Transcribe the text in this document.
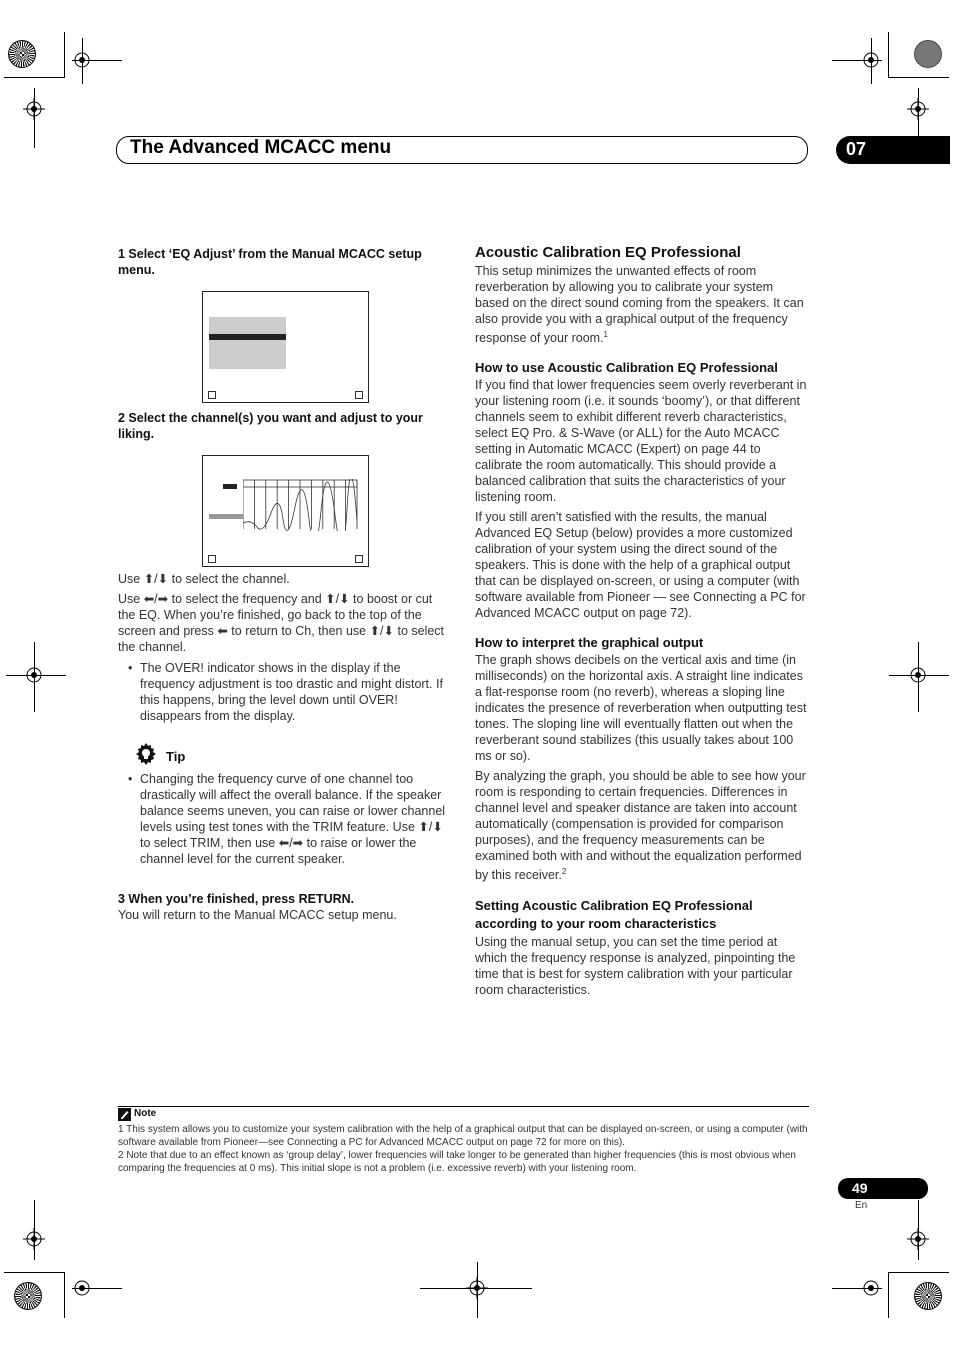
The Advanced MCACC menu	07

1 Select ‘EQ Adjust’ from the Manual MCACC setup menu.

2 Select the channel(s) you want and adjust to your liking.

Use ⬆/⬇ to select the channel.

Use ⬅/➡ to select the frequency and ⬆/⬇ to boost or cut the EQ. When you’re finished, go back to the top of the screen and press ⬅ to return to Ch, then use ⬆/⬇ to select the channel.

• The OVER! indicator shows in the display if the frequency adjustment is too drastic and might distort. If this happens, bring the level down until OVER! disappears from the display.

Tip
• Changing the frequency curve of one channel too drastically will affect the overall balance. If the speaker balance seems uneven, you can raise or lower channel levels using test tones with the TRIM feature. Use ⬆/⬇ to select TRIM, then use ⬅/➡ to raise or lower the channel level for the current speaker.

3 When you’re finished, press RETURN.

You will return to the Manual MCACC setup menu.

Acoustic Calibration EQ Professional

This setup minimizes the unwanted effects of room reverberation by allowing you to calibrate your system based on the direct sound coming from the speakers. It can also provide you with a graphical output of the frequency response of your room.$^1$

How to use Acoustic Calibration EQ Professional

If you find that lower frequencies seem overly reverberant in your listening room (i.e. it sounds ‘boomy’), or that different channels seem to exhibit different reverb characteristics, select EQ Pro. & S-Wave (or ALL) for the Auto MCACC setting in Automatic MCACC (Expert) on page 44 to calibrate the room automatically. This should provide a balanced calibration that suits the characteristics of your listening room.

If you still aren’t satisfied with the results, the manual Advanced EQ Setup (below) provides a more customized calibration of your system using the direct sound of the speakers. This is done with the help of a graphical output that can be displayed on-screen, or using a computer (with software available from Pioneer — see Connecting a PC for Advanced MCACC output on page 72).

How to interpret the graphical output

The graph shows decibels on the vertical axis and time (in milliseconds) on the horizontal axis. A straight line indicates a flat-response room (no reverb), whereas a sloping line indicates the presence of reverberation when outputting test tones. The sloping line will eventually flatten out when the reverberant sound stabilizes (this usually takes about 100 ms or so).

By analyzing the graph, you should be able to see how your room is responding to certain frequencies. Differences in channel level and speaker distance are taken into account automatically (compensation is provided for comparison purposes), and the frequency measurements can be examined both with and without the equalization performed by this receiver.$^2$

Setting Acoustic Calibration EQ Professional according to your room characteristics

Using the manual setup, you can set the time period at which the frequency response is analyzed, pinpointing the time that is best for system calibration with your particular room characteristics.

Note
1 This system allows you to customize your system calibration with the help of a graphical output that can be displayed on-screen, or using a computer (with software available from Pioneer—see Connecting a PC for Advanced MCACC output on page 72 for more on this).
2 Note that due to an effect known as ‘group delay’, lower frequencies will take longer to be generated than higher frequencies (this is most obvious when comparing the frequencies at 0 ms). This initial slope is not a problem (i.e. excessive reverb) with your listening room.
49
En
